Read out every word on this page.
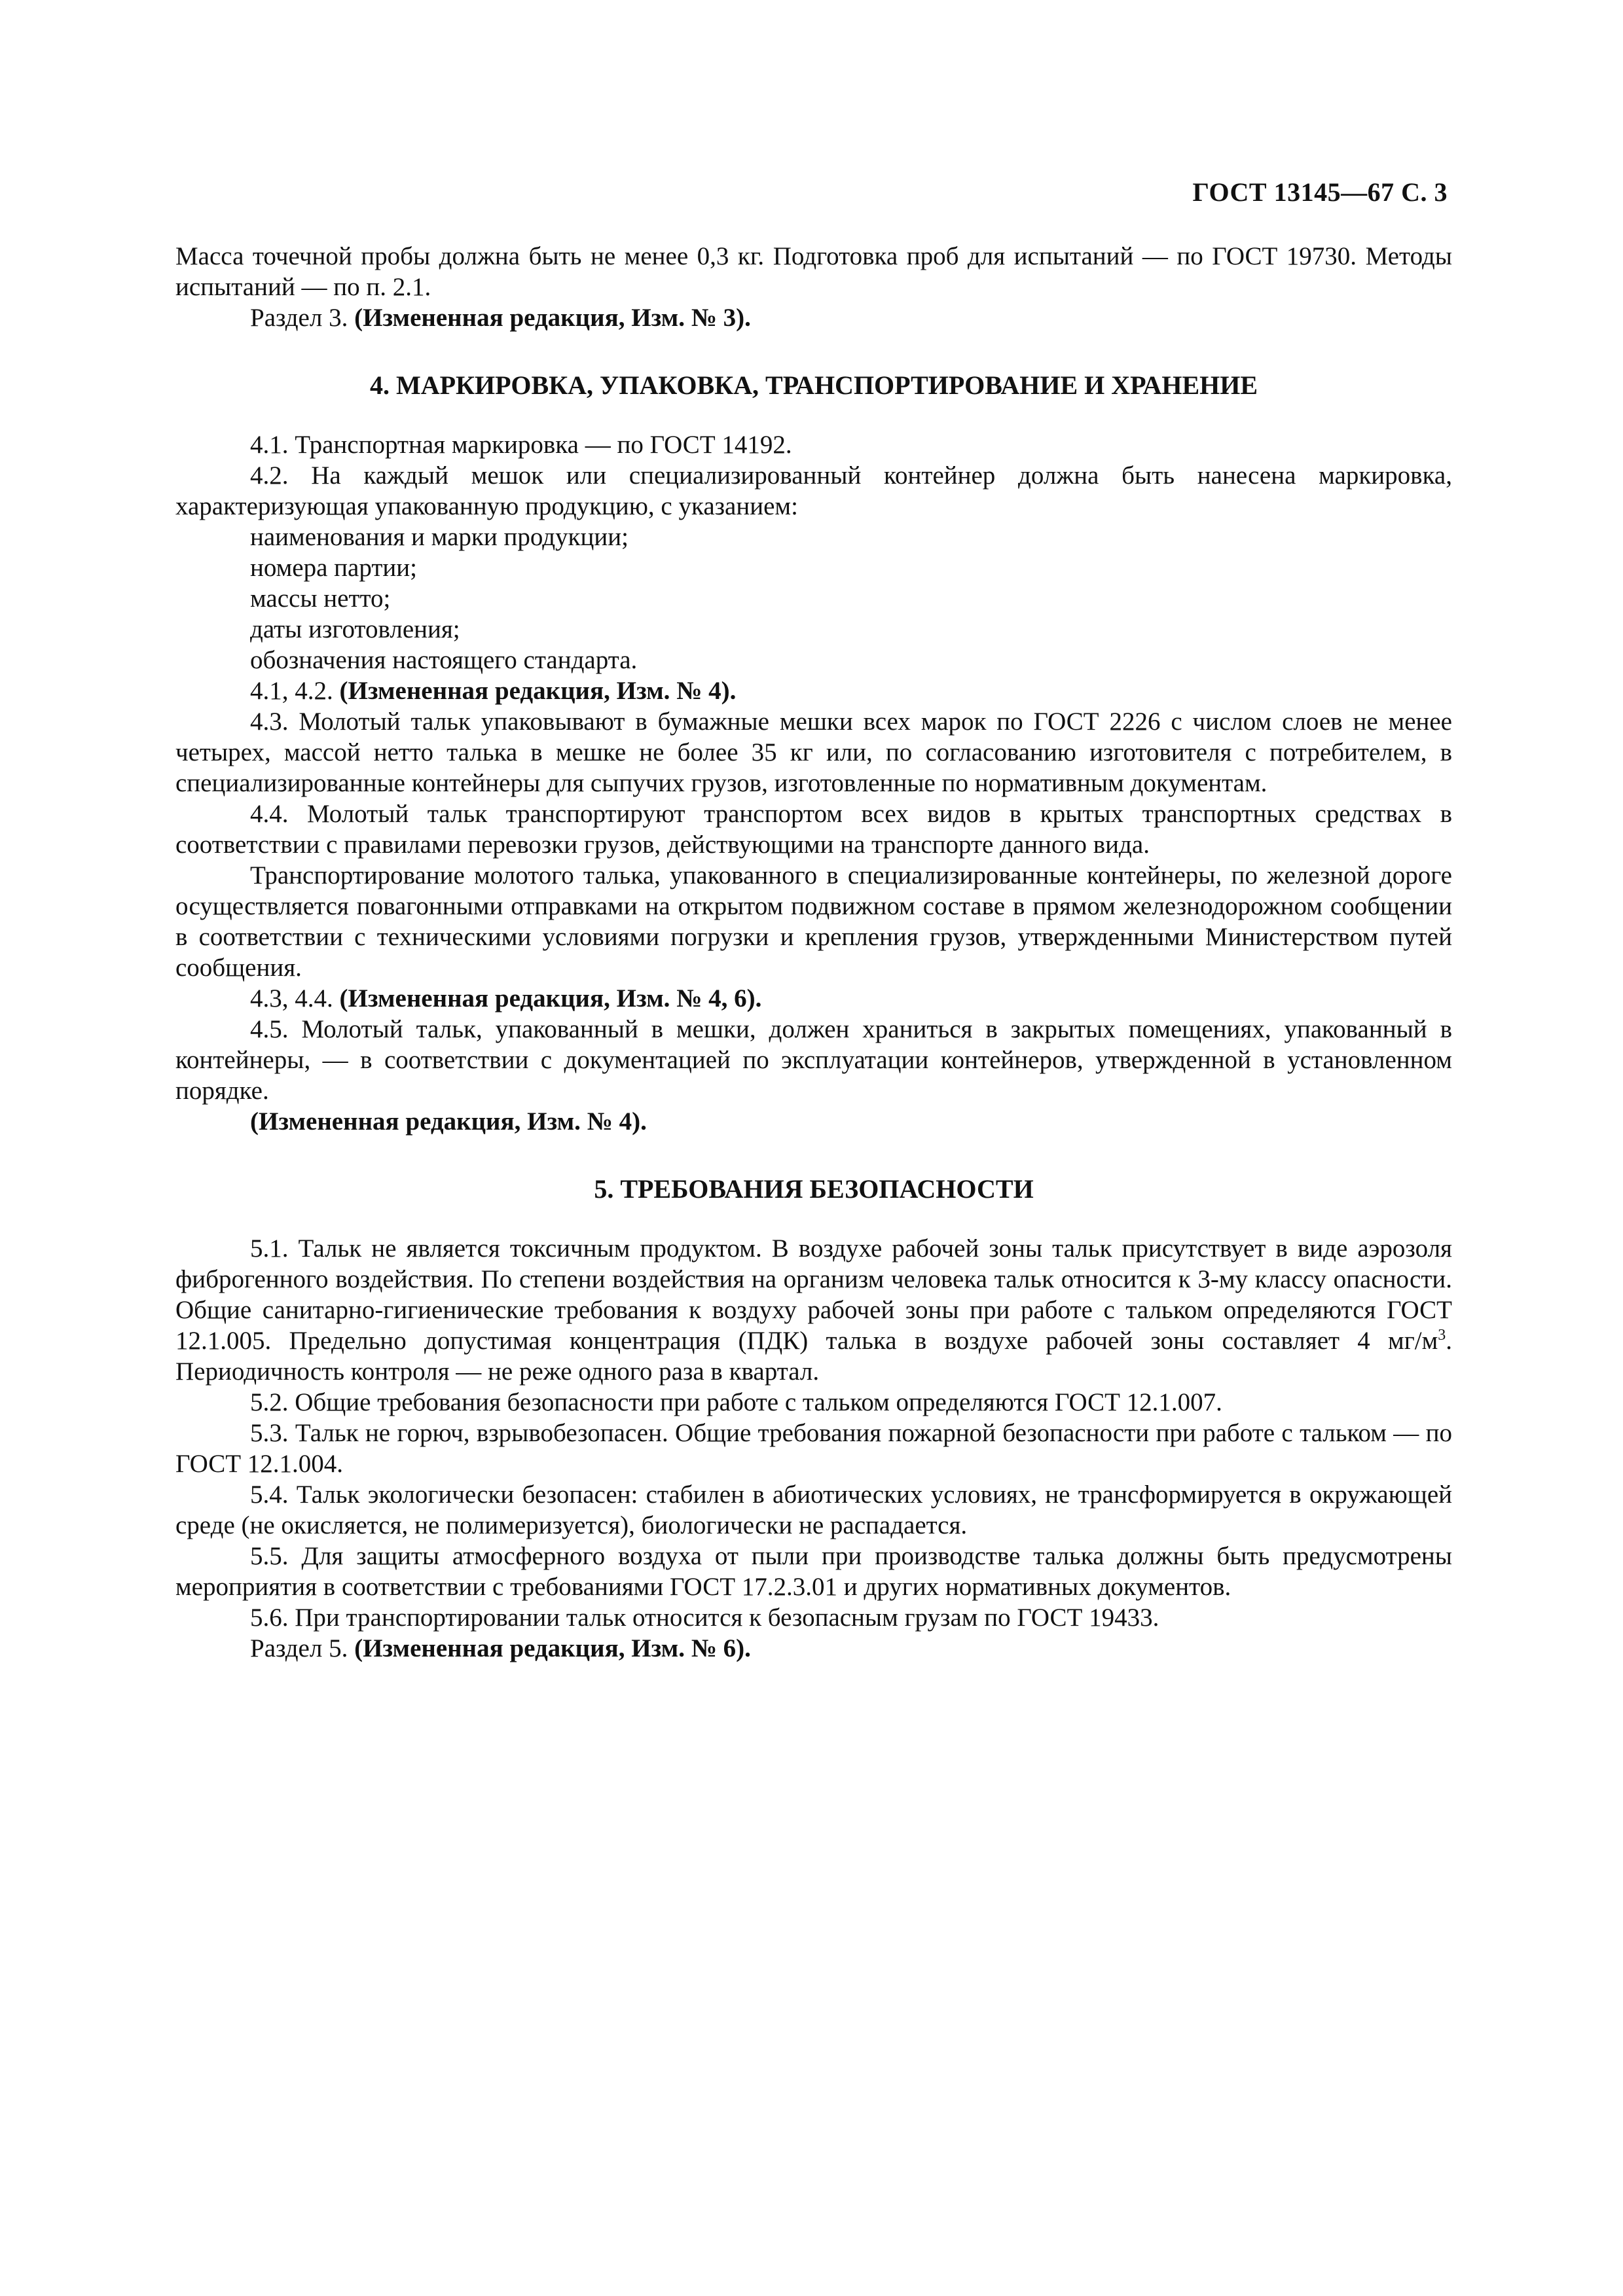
ГОСТ 13145—67 С. 3

Масса точечной пробы должна быть не менее 0,3 кг. Подготовка проб для испытаний — по ГОСТ 19730. Методы испытаний — по п. 2.1.

Раздел 3. (Измененная редакция, Изм. № 3).

4. МАРКИРОВКА, УПАКОВКА, ТРАНСПОРТИРОВАНИЕ И ХРАНЕНИЕ

4.1. Транспортная маркировка — по ГОСТ 14192.

4.2. На каждый мешок или специализированный контейнер должна быть нанесена маркировка, характеризующая упакованную продукцию, с указанием:

наименования и марки продукции;

номера партии;

массы нетто;

даты изготовления;

обозначения настоящего стандарта.

4.1, 4.2. (Измененная редакция, Изм. № 4).

4.3. Молотый тальк упаковывают в бумажные мешки всех марок по ГОСТ 2226 с числом слоев не менее четырех, массой нетто талька в мешке не более 35 кг или, по согласованию изготовителя с потребителем, в специализированные контейнеры для сыпучих грузов, изготовленные по нормативным документам.

4.4. Молотый тальк транспортируют транспортом всех видов в крытых транспортных средствах в соответствии с правилами перевозки грузов, действующими на транспорте данного вида.

Транспортирование молотого талька, упакованного в специализированные контейнеры, по железной дороге осуществляется повагонными отправками на открытом подвижном составе в прямом железнодорожном сообщении в соответствии с техническими условиями погрузки и крепления грузов, утвержденными Министерством путей сообщения.

4.3, 4.4. (Измененная редакция, Изм. № 4, 6).

4.5. Молотый тальк, упакованный в мешки, должен храниться в закрытых помещениях, упакованный в контейнеры, — в соответствии с документацией по эксплуатации контейнеров, утвержденной в установленном порядке.

(Измененная редакция, Изм. № 4).

5. ТРЕБОВАНИЯ БЕЗОПАСНОСТИ

5.1. Тальк не является токсичным продуктом. В воздухе рабочей зоны тальк присутствует в виде аэрозоля фиброгенного воздействия. По степени воздействия на организм человека тальк относится к 3-му классу опасности. Общие санитарно-гигиенические требования к воздуху рабочей зоны при работе с тальком определяются ГОСТ 12.1.005. Предельно допустимая концентрация (ПДК) талька в воздухе рабочей зоны составляет 4 $мг/м^3$. Периодичность контроля — не реже одного раза в квартал.

5.2. Общие требования безопасности при работе с тальком определяются ГОСТ 12.1.007.

5.3. Тальк не горюч, взрывобезопасен. Общие требования пожарной безопасности при работе с тальком — по ГОСТ 12.1.004.

5.4. Тальк экологически безопасен: стабилен в абиотических условиях, не трансформируется в окружающей среде (не окисляется, не полимеризуется), биологически не распадается.

5.5. Для защиты атмосферного воздуха от пыли при производстве талька должны быть предусмотрены мероприятия в соответствии с требованиями ГОСТ 17.2.3.01 и других нормативных документов.

5.6. При транспортировании тальк относится к безопасным грузам по ГОСТ 19433.

Раздел 5. (Измененная редакция, Изм. № 6).
